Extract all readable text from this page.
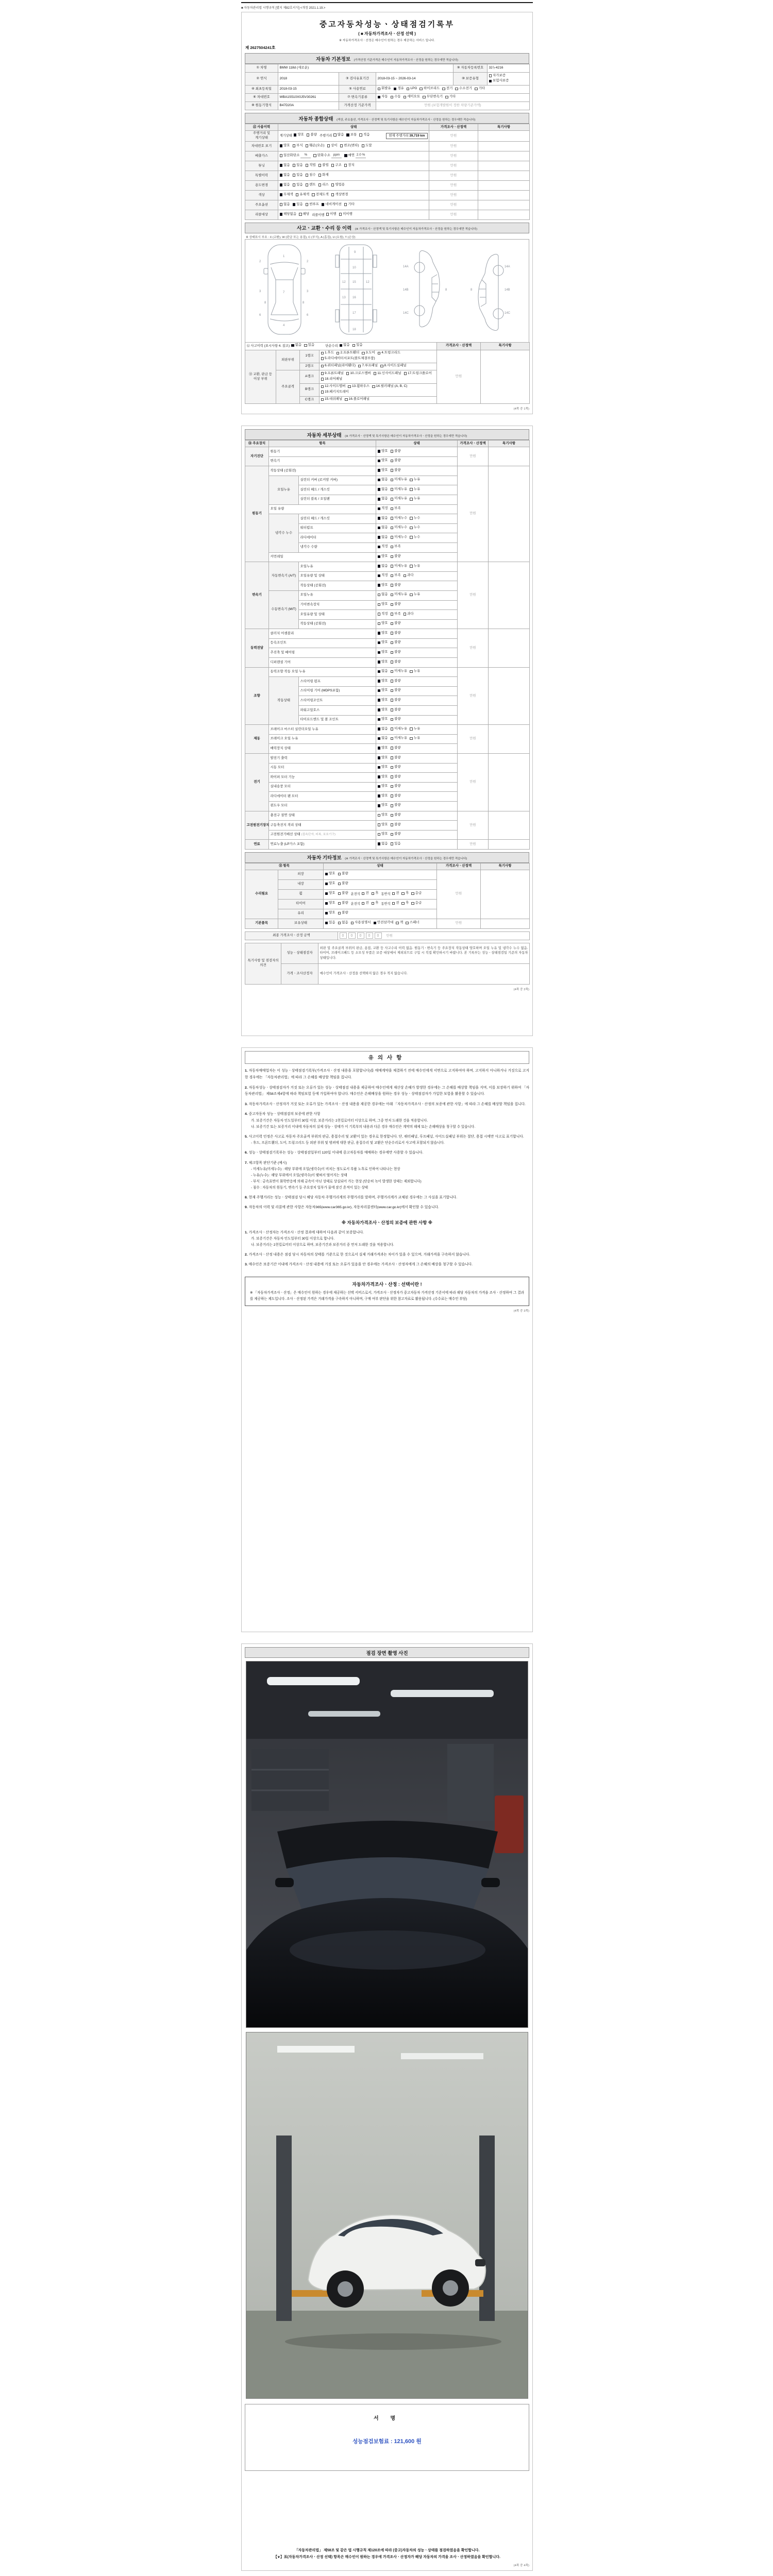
■ 자동차관리법 시행규칙 [별지 제82호서식] <개정 2021.1.19.>
중고자동차성능ㆍ상태점검기록부
( ■ 자동차가격조사ㆍ산정 선택 )
※ 자동차가격조사ㆍ산정은 매수인이 원하는 경우 제공하는 서비스 입니다.
제 2627504241호
자동차 기본정보 (가격산정 기준가격은 매수인이 자동차가격조사ㆍ산정을 원하는 경우에만 적습니다)
① 차명	BMW 118d (새로운)			⑨ 자동차등록번호	32누4216
② 연식	2018	③ 검사유효기간	2018-03-15 ~ 2026-03-14	⑩ 보증유형	자가보증
보험사보증

④ 최초등록일	2018-03-15	⑤ 사용연료	휘발유 경유 LPG 하이브리드 전기 수소전기 기타

⑥ 차대번호	WBA1S510X0J5V30261	⑦ 변속기종류	자동 수동 세미오토 무단변속기 기타		

⑧ 원동기형식	B47D20A	가격산정 기준가격	만원 (보험개발원이 정한 차량기준가액)		
자동차 종합상태 (색상, 주요옵션, 가격조사ㆍ산정액 및 특기사항은 매수인이 자동차가격조사ㆍ산정을 원하는 경우에만 적습니다)
⑪ 사용이력	상태	가격조사ㆍ산정액	특기사항
주행거리 및 계기상태	계기상태 양호 불량 주행거리 많음 보통 적음	현재 주행거리 39,719 km	만원	
차대번호 표기	양호 부식 훼손(오손) 상이 변조(변타) 도말	만원	
배출가스	일산화탄소	%	탄화수소 ppm	매연 2.0 %	만원	
튜닝	없음 있음 적법 불법 구조 장치	만원	
특별이력	없음 있음 침수 화재	만원	
용도변경	없음 있음 렌트 리스 영업용	만원	
색상	무채색 유채색 전체도색 색상변경	만원	
주요옵션	없음 있음 썬루프 네비게이션 기타	만원	
리콜대상	해당없음 해당 리콜이행 이행 미이행	만원	
사고ㆍ교환ㆍ수리 등 이력 (※ 가격조사ㆍ산정액 및 특기사항은 매수인이 자동차가격조사ㆍ산정을 원하는 경우에만 적습니다)
※ 상태표시 부호 : X (교환), W (판금 또는 용접), C (부식), A (흠집), U (요철), T (손상)
1
7
4
2	2
3	3
6	6
8	8
9
10
15
16
17
18
12	12
13
14A
14B
14C
8
14A
14B
14C
8
⑫ 사고이력 (표시사항 4. 참조) 없음 있음	단순수리 없음 있음	가격조사ㆍ산정액	특기사항
⑬ 교환, 판금 등 이상 부위	외판부위	1랭크	1.후드 2.프론트휀더 3.도어 4.트렁크리드
5.라디에이터서포트(볼트체결부품)	만원	
		2랭크	6.쿼터패널(리어휀더) 7.루프패널 8.사이드실패널		

	주요골격	A랭크	9.프론트패널 10.크로스멤버 11.인사이드패널 17.트렁크플로어
18.리어패널		

		B랭크	12.사이드멤버 13.휠하우스 14.필러패널 (A, B, C)
19.패키지트레이		

		C랭크	15.대쉬패널 16.플로어패널		
(4쪽 중 1쪽)
자동차 세부상태 (※ 가격조사ㆍ산정액 및 특기사항은 매수인이 자동차가격조사ㆍ산정을 원하는 경우에만 적습니다)
⑭ 주요장치	항목		상태	가격조사ㆍ산정액	특기사항
자기진단	원동기		양호 불량	만원	
	변속기		양호 불량		

원동기	작동상태 (공회전)		양호 불량	만원	
	오일누유	실린더 커버 (로커암 커버)	없음 미세누유 누유		

		실린더 헤드 / 개스킷	없음 미세누유 누유		

		실린더 블록 / 오일팬	없음 미세누유 누유		

	오일 유량		적정 부족		

	냉각수 누수	실린더 헤드 / 개스킷	없음 미세누수 누수		

		워터펌프	없음 미세누수 누수		

		라디에이터	없음 미세누수 누수		

		냉각수 수량	적정 부족		

	커먼레일		양호 불량		

변속기	자동변속기 (A/T)	오일누유	없음 미세누유 누유	만원	
		오일유량 및 상태	적정 부족 과다		

		작동상태 (공회전)	양호 불량		

	수동변속기 (M/T)	오일누유	없음 미세누유 누유		

		기어변속장치	양호 불량		

		오일유량 및 상태	적정 부족 과다		

		작동상태 (공회전)	양호 불량		

동력전달	클러치 어셈블리		양호 불량	만원	
	등속조인트		양호 불량		

	추진축 및 베어링		양호 불량		

	디퍼렌셜 기어		양호 불량		

조향	동력조향 작동 오일 누유		없음 미세누유 누유	만원	
	작동상태	스티어링 펌프	양호 불량		

		스티어링 기어 (MDPS포함)	양호 불량		

		스티어링조인트	양호 불량		

		파워고압호스	양호 불량		

		타이로드엔드 및 볼 조인트	양호 불량		

제동	브레이크 마스터 실린더오일 누유		없음 미세누유 누유	만원	
	브레이크 오일 누유		없음 미세누유 누유		

	배력장치 상태		양호 불량		

전기	발전기 출력		양호 불량	만원	
	시동 모터		양호 불량		

	와이퍼 모터 기능		양호 불량		

	실내송풍 모터		양호 불량		

	라디에이터 팬 모터		양호 불량		

	윈도우 모터		양호 불량		

고전원전기장치	충전구 절연 상태		양호 불량	만원	
	구동축전지 격리 상태		양호 불량		

	고전원전기배선 상태 (접속단자, 피복, 보호기구)		양호 불량		

연료	연료누출 (LP가스 포함)		없음 있음	만원	
자동차 기타정보 (※ 가격조사ㆍ산정액 및 특기사항은 매수인이 자동차가격조사ㆍ산정을 원하는 경우에만 적습니다)
⑮ 항목		상태	가격조사ㆍ산정액	특기사항
수리필요	외장	양호 불량	만원	
	내장	양호 불량		

휠	양호 불량 운전석 전 후 동반석 전 후 응급

타이어	양호 불량 운전석 전 후 동반석 전 후 응급

	유리	양호 불량		

기본품목	보유상태	있음 없음 사용설명서 안전삼각대 잭 스패너	만원	
최종 가격조사ㆍ산정 금액	0 0 0 0 0 만원
특기사항 및 점검자의 의견	성능ㆍ상태점검자	외판 및 주요골격 부위의 판금, 용접, 교환 등 사고수리 이력 없음. 원동기ㆍ변속기 등 주요장치 작동상태 양호하며 오일 누유 및 냉각수 누수 없음. 타이어, 브레이크패드 등 소모성 부품은 보증 대상에서 제외되므로 구입 시 직접 확인하시기 바랍니다. 본 기록부는 성능ㆍ상태점검일 기준의 자동차 상태입니다.
	가격ㆍ조사산정자	매수인이 가격조사ㆍ산정을 선택하지 않은 경우 적지 않습니다.
(4쪽 중 2쪽)
유의사항
1. 자동차매매업자는 이 성능ㆍ상태점검기록부(가격조사ㆍ산정 내용을 포함합니다)를 매매계약을 체결하기 전에 매수인에게 서면으로 고지하여야 하며, 고지하지 아니하거나 거짓으로 고지한 경우에는 「자동차관리법」에 따라 그 손해를 배상할 책임을 집니다.
2. 자동차성능ㆍ상태점검자가 거짓 또는 오류가 있는 성능ㆍ상태점검 내용을 제공하여 매수인에게 재산상 손해가 발생한 경우에는 그 손해를 배상할 책임을 지며, 이를 보장하기 위하여 「자동차관리법」 제58조제4항에 따라 책임보험 등에 가입하여야 합니다. 매수인은 손해배상을 원하는 경우 성능ㆍ상태점검자가 가입한 보험을 활용할 수 있습니다.
3. 자동차가격조사ㆍ산정자가 거짓 또는 오류가 있는 가격조사ㆍ산정 내용을 제공한 경우에는 아래 「자동차가격조사ㆍ산정의 보증에 관한 사항」에 따라 그 손해를 배상할 책임을 집니다.
4. 중고자동차 성능ㆍ상태점검의 보증에 관한 사항
가. 보증기간은 자동차 인도일부터 30일 이상, 보증거리는 2천킬로미터 이상으로 하며, 그중 먼저 도래한 것을 적용합니다.
나. 보증기간 또는 보증거리 이내에 자동차의 실제 성능ㆍ상태가 이 기록부의 내용과 다른 경우 매수인은 계약의 해제 또는 손해배상을 청구할 수 있습니다.
5. 사고이력 인정은 사고로 자동차 주요골격 부위의 판금, 용접수리 및 교환이 있는 경우로 한정합니다. 단, 쿼터패널, 루프패널, 사이드실패널 부위는 절단, 용접 시에만 사고로 표기합니다.
- 후드, 프론트휀더, 도어, 트렁크리드 등 외판 부위 및 범퍼에 대한 판금, 용접수리 및 교환은 단순수리로서 사고에 포함되지 않습니다.
6. 성능ㆍ상태점검기록부는 성능ㆍ상태점검일부터 120일 이내에 중고자동차를 매매하는 경우에만 사용할 수 있습니다.
7. 체크항목 판단기준 (예시)
- 미세누유(미세누수) : 해당 부위에 오일(냉각수)이 비치는 정도로서 부품 노후로 인하여 나타나는 현상
- 누유(누수) : 해당 부위에서 오일(냉각수)이 맺혀서 떨어지는 상태
- 부식 : 금속표면이 화학반응에 의해 금속이 아닌 상태로 상실되어 가는 현상 (단순히 녹이 발생한 상태는 제외합니다)
- 침수 : 자동차의 원동기, 변속기 등 주요장치 일부가 물에 잠긴 흔적이 있는 상태
8. 현재 주행거리는 성능ㆍ상태점검 당시 해당 자동차 주행거리계의 주행거리를 말하며, 주행거리계가 교체된 경우에는 그 사실을 표기합니다.
9. 자동차의 이력 및 리콜에 관한 사항은 자동차365(www.car365.go.kr), 자동차리콜센터(www.car.go.kr)에서 확인할 수 있습니다.
※ 자동차가격조사ㆍ산정의 보증에 관한 사항 ※
1. 가격조사ㆍ산정자는 가격조사ㆍ산정 결과에 대하여 다음과 같이 보증합니다.
가. 보증기간은 자동차 인도일부터 30일 이상으로 합니다.
나. 보증거리는 2천킬로미터 이상으로 하며, 보증기간과 보증거리 중 먼저 도래한 것을 적용합니다.
2. 가격조사ㆍ산정 내용은 점검 당시 자동차의 상태를 기준으로 한 것으로서 실제 거래가격과는 차이가 있을 수 있으며, 거래가격을 구속하지 않습니다.
3. 매수인은 보증기간 이내에 가격조사ㆍ산정 내용에 거짓 또는 오류가 있음을 안 경우에는 가격조사ㆍ산정자에게 그 손해의 배상을 청구할 수 있습니다.
자동차가격조사ㆍ산정 : 선택이란 !
※ 「자동차가격조사ㆍ산정」은 매수인이 원하는 경우에 제공하는 선택 서비스로서, 가격조사ㆍ산정자가 중고자동차 가격산정 기준서에 따라 해당 자동차의 가격을 조사ㆍ산정하여 그 결과를 제공하는 제도입니다. 조사ㆍ산정된 가격은 거래가격을 구속하지 아니하며, 구매 여부 판단을 위한 참고자료로 활용됩니다. (수수료는 매수인 부담)
(4쪽 중 3쪽)
점검 장면 촬영 사진
서 명
성능점검보험료 : 121,600 원
「자동차관리법」 제58조 및 같은 법 시행규칙 제120조에 따라 (중고)자동차의 성능ㆍ상태를 점검하였음을 확인합니다.
【∨】표(자동차가격조사ㆍ산정 선택) 항목은 매수인이 원하는 경우에 가격조사ㆍ산정자가 해당 자동차의 가격을 조사ㆍ산정하였음을 확인합니다.
(4쪽 중 4쪽)
